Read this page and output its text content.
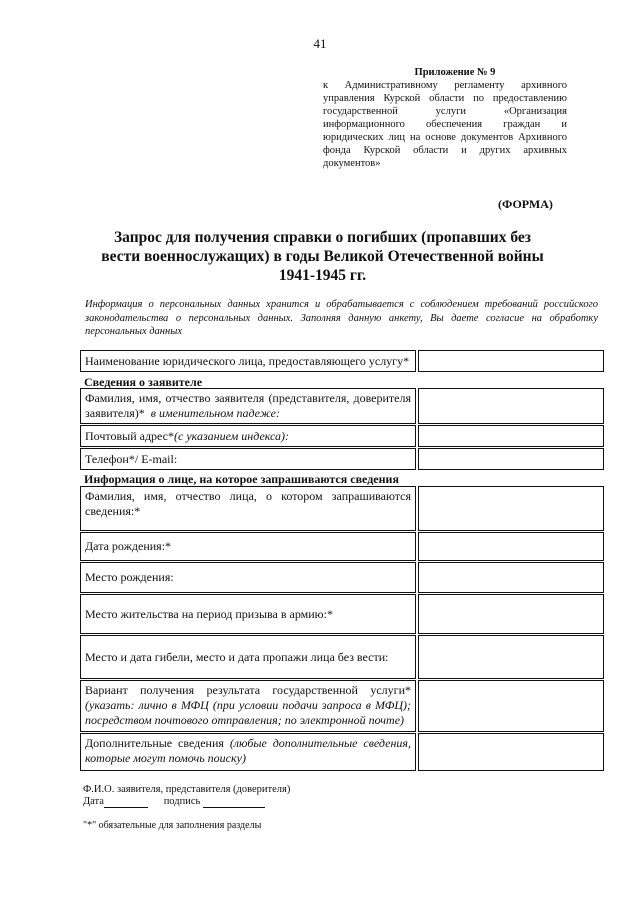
41
Приложение № 9
к Административному регламенту архивного управления Курской области по предоставлению государственной услуги «Организация информационного обеспечения граждан и юридических лиц на основе документов Архивного фонда Курской области и других архивных документов»
(ФОРМА)
Запрос для получения справки о погибших (пропавших без вести военнослужащих) в годы Великой Отечественной войны 1941-1945 гг.
Информация о персональных данных хранится и обрабатывается с соблюдением требований российского законодательства о персональных данных. Заполняя данную анкету, Вы даете согласие на обработку персональных данных
Наименование юридического лица, предоставляющего услугу*
Сведения о заявителе
Фамилия, имя, отчество заявителя (представителя, доверителя заявителя)* в именительном падеже:
Почтовый адрес*(с указанием индекса):
Телефон*/ E-mail:
Информация о лице, на которое запрашиваются сведения
Фамилия, имя, отчество лица, о котором запрашиваются сведения:*
Дата рождения:*
Место рождения:
Место жительства на период призыва в армию:*
Место и дата гибели, место и дата пропажи лица без вести:
Вариант получения результата государственной услуги* (указать: лично в МФЦ (при условии подачи запроса в МФЦ); посредством почтового отправления; по электронной почте)
Дополнительные сведения (любые дополнительные сведения, которые могут помочь поиску)
Ф.И.О. заявителя, представителя (доверителя)
Дата	подпись
"*" обязательные для заполнения разделы
